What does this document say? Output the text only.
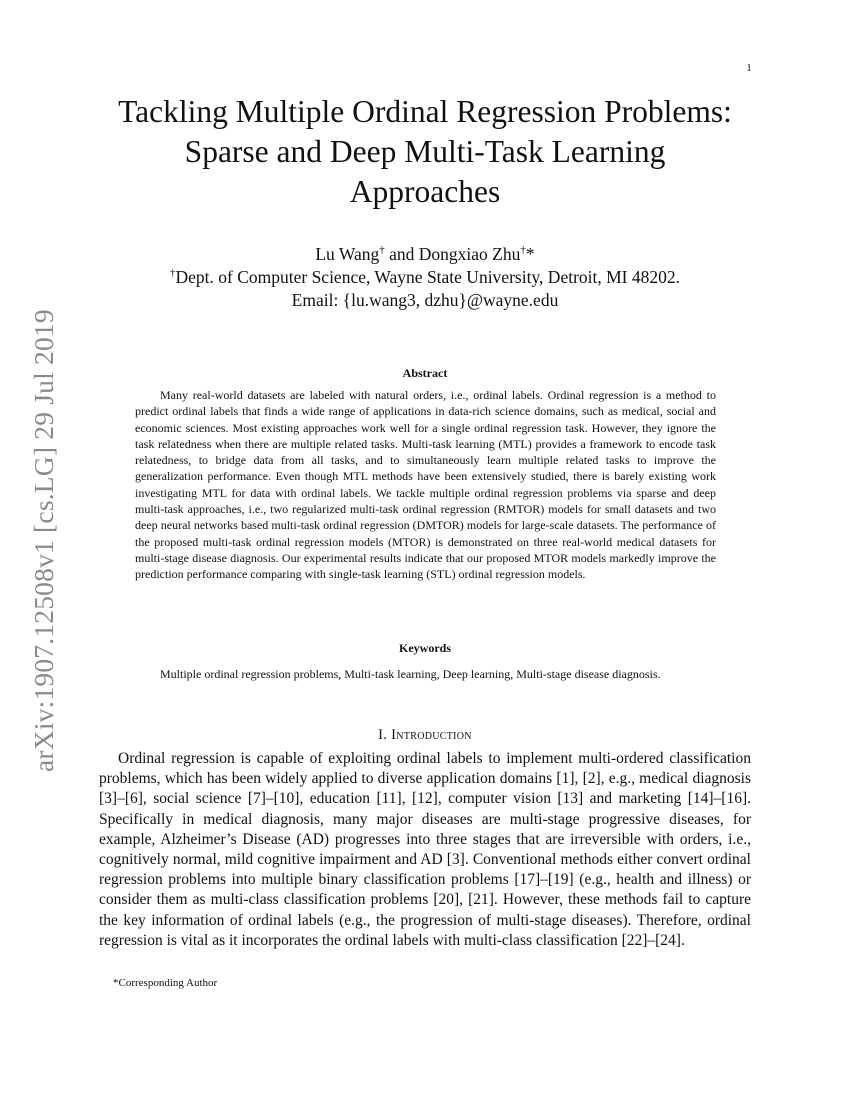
1
arXiv:1907.12508v1 [cs.LG] 29 Jul 2019
Tackling Multiple Ordinal Regression Problems: Sparse and Deep Multi-Task Learning Approaches
Lu Wang† and Dongxiao Zhu†*
†Dept. of Computer Science, Wayne State University, Detroit, MI 48202.
Email: {lu.wang3, dzhu}@wayne.edu
Abstract

Many real-world datasets are labeled with natural orders, i.e., ordinal labels. Ordinal regression is a method to predict ordinal labels that finds a wide range of applications in data-rich science domains, such as medical, social and economic sciences. Most existing approaches work well for a single ordinal regression task. However, they ignore the task relatedness when there are multiple related tasks. Multi-task learning (MTL) provides a framework to encode task relatedness, to bridge data from all tasks, and to simultaneously learn multiple related tasks to improve the generalization performance. Even though MTL methods have been extensively studied, there is barely existing work investigating MTL for data with ordinal labels. We tackle multiple ordinal regression problems via sparse and deep multi-task approaches, i.e., two regularized multi-task ordinal regression (RMTOR) models for small datasets and two deep neural networks based multi-task ordinal regression (DMTOR) models for large-scale datasets. The performance of the proposed multi-task ordinal regression models (MTOR) is demonstrated on three real-world medical datasets for multi-stage disease diagnosis. Our experimental results indicate that our proposed MTOR models markedly improve the prediction performance comparing with single-task learning (STL) ordinal regression models.

Keywords

Multiple ordinal regression problems, Multi-task learning, Deep learning, Multi-stage disease diagnosis.

I. Introduction

Ordinal regression is capable of exploiting ordinal labels to implement multi-ordered classification problems, which has been widely applied to diverse application domains [1], [2], e.g., medical diagnosis [3]–[6], social science [7]–[10], education [11], [12], computer vision [13] and marketing [14]–[16]. Specifically in medical diagnosis, many major diseases are multi-stage progressive diseases, for example, Alzheimer’s Disease (AD) progresses into three stages that are irreversible with orders, i.e., cognitively normal, mild cognitive impairment and AD [3]. Conventional methods either convert ordinal regression problems into multiple binary classification problems [17]–[19] (e.g., health and illness) or consider them as multi-class classification problems [20], [21]. However, these methods fail to capture the key information of ordinal labels (e.g., the progression of multi-stage diseases). Therefore, ordinal regression is vital as it incorporates the ordinal labels with multi-class classification [22]–[24].

*Corresponding Author
